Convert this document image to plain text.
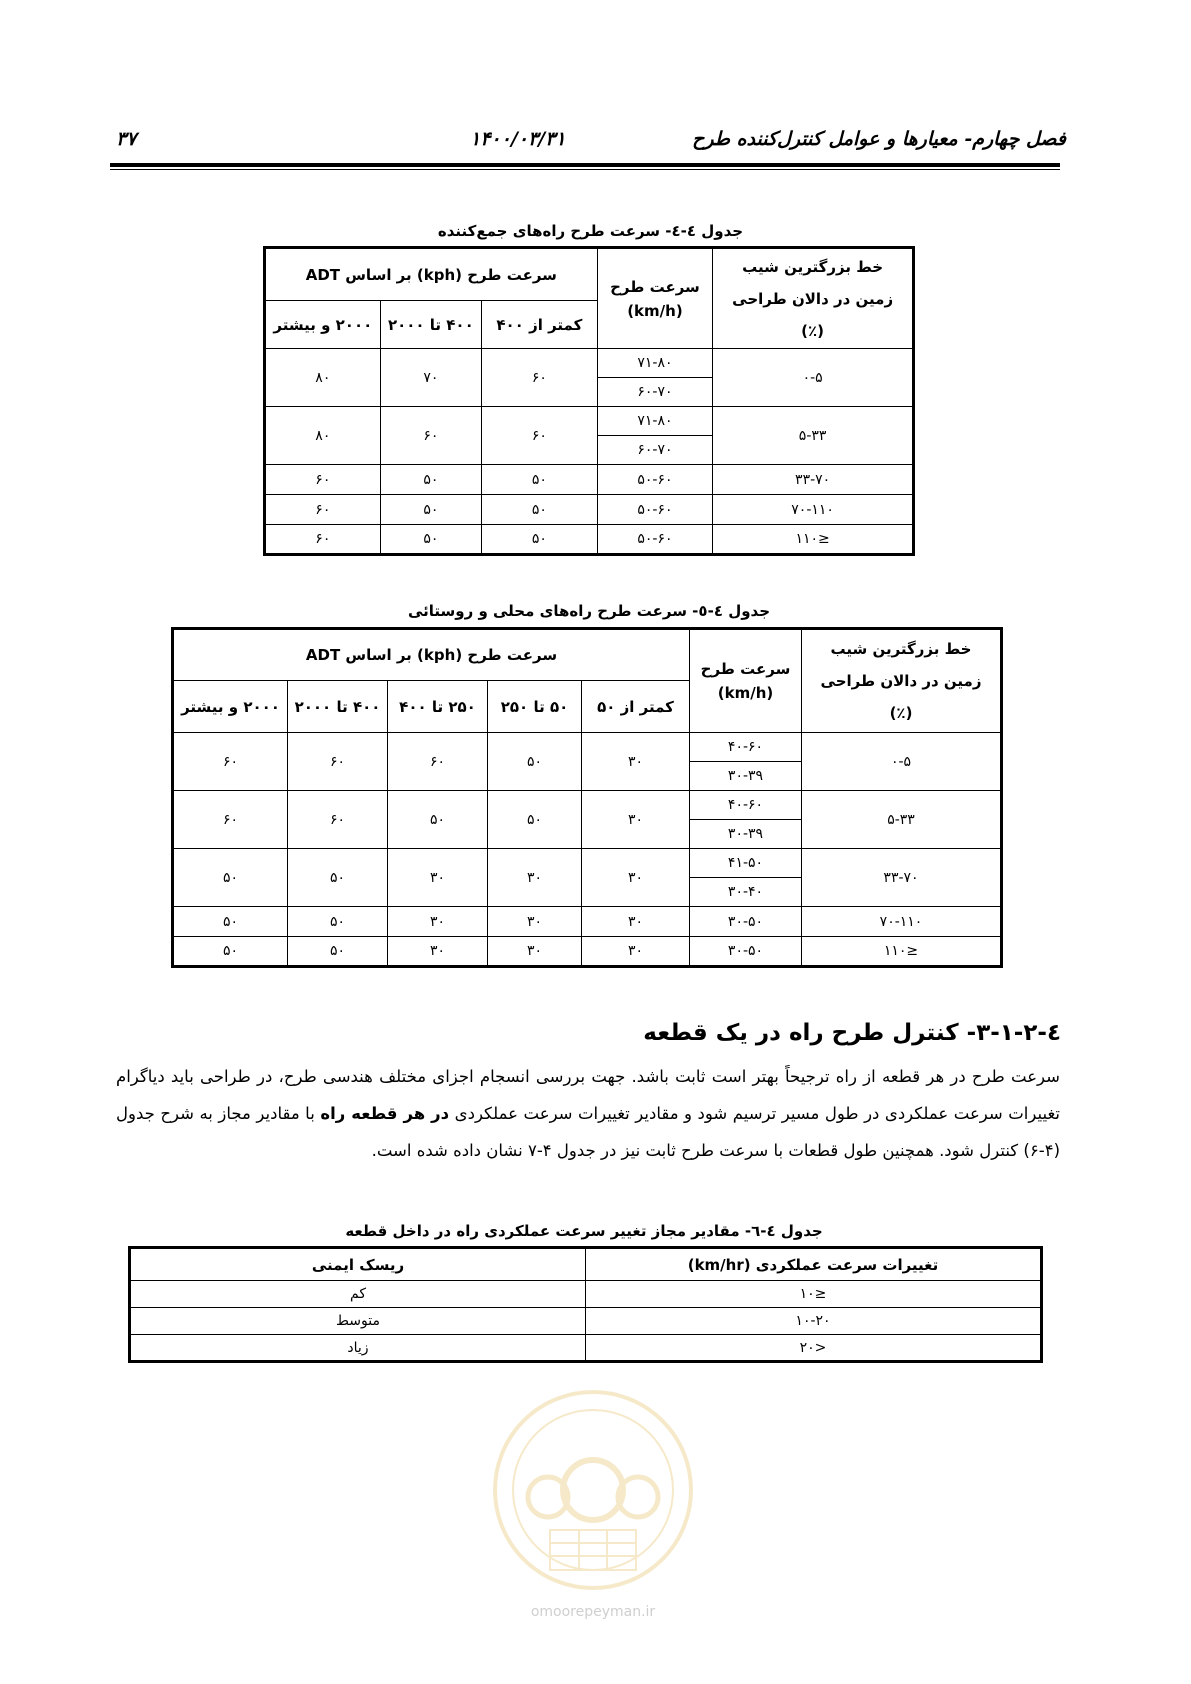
۳۷	۱۴۰۰/۰۳/۳۱	فصل چهارم- معیارها و عوامل کنترل‌کننده طرح
جدول ٤-٤- سرعت طرح راه‌های جمع‌کننده
خط بزرگترین شیب زمین در دالان طراحی (٪)	سرعت طرح
(km/h)	سرعت طرح (kph) بر اساس ADT		
		کمتر از ۴۰۰	۴۰۰ تا ۲۰۰۰	۲۰۰۰ و بیشتر
۰-۵	۷۱-۸۰	۶۰	۷۰	۸۰
	۶۰-۷۰			
۵-۳۳	۷۱-۸۰	۶۰	۶۰	۸۰
	۶۰-۷۰			
۳۳-۷۰	۵۰-۶۰	۵۰	۵۰	۶۰
۷۰-۱۱۰	۵۰-۶۰	۵۰	۵۰	۶۰
≤۱۱۰	۵۰-۶۰	۵۰	۵۰	۶۰
جدول ٤-٥- سرعت طرح راه‌های محلی و روستائی
خط بزرگترین شیب زمین در دالان طراحی (٪)	سرعت طرح
(km/h)	سرعت طرح (kph) بر اساس ADT				
		کمتر از ۵۰	۵۰ تا ۲۵۰	۲۵۰ تا ۴۰۰	۴۰۰ تا ۲۰۰۰	۲۰۰۰ و بیشتر
۰-۵	۴۰-۶۰	۳۰	۵۰	۶۰	۶۰	۶۰
	۳۰-۳۹					
۵-۳۳	۴۰-۶۰	۳۰	۵۰	۵۰	۶۰	۶۰
	۳۰-۳۹					
۳۳-۷۰	۴۱-۵۰	۳۰	۳۰	۳۰	۵۰	۵۰
	۳۰-۴۰					
۷۰-۱۱۰	۳۰-۵۰	۳۰	۳۰	۳۰	۵۰	۵۰
≤۱۱۰	۳۰-۵۰	۳۰	۳۰	۳۰	۵۰	۵۰
٤-۳-۱-۲- کنترل طرح راه در یک قطعه
سرعت طرح در هر قطعه از راه ترجیحاً بهتر است ثابت باشد. جهت بررسی انسجام اجزای مختلف هندسی طرح، در طراحی باید دیاگرام تغییرات سرعت عملکردی در طول مسیر ترسیم شود و مقادیر تغییرات سرعت عملکردی در هر قطعه راه با مقادیر مجاز به شرح جدول (۴-۶) کنترل شود. همچنین طول قطعات با سرعت طرح ثابت نیز در جدول ۴-۷ نشان داده شده است.
جدول ٤-٦- مقادیر مجاز تغییر سرعت عملکردی راه در داخل قطعه
تغییرات سرعت عملکردی (km/hr)	ریسک ایمنی
≤۱۰	کم
۱۰-۲۰	متوسط
<۲۰	زیاد
omoorepeyman.ir
